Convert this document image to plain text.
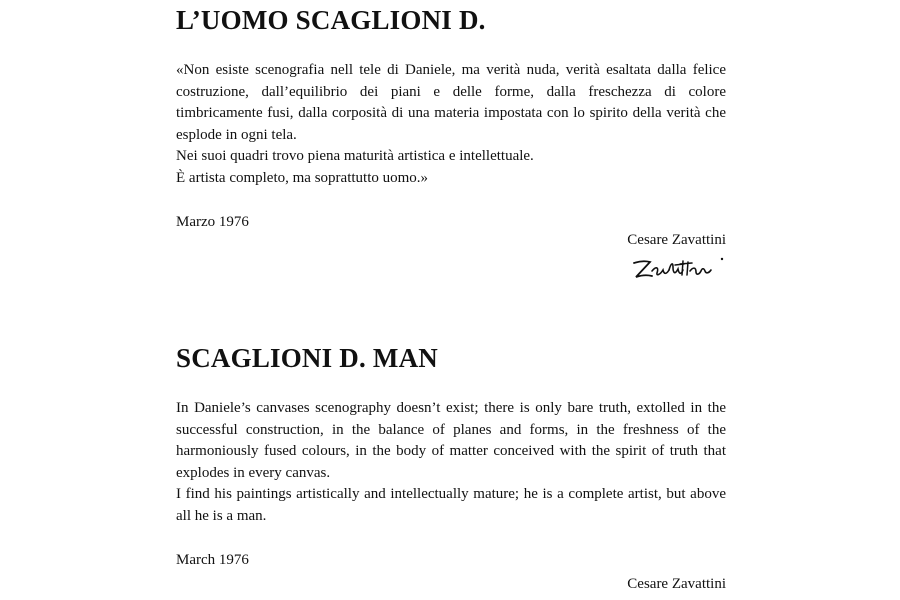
L’UOMO SCAGLIONI D.

«Non esiste scenografia nell tele di Daniele, ma verità nuda, verità esaltata dalla felice costruzione, dall’equilibrio dei piani e delle forme, dalla freschezza di colore timbricamente fusi, dalla corposità di una materia impostata con lo spirito della verità che esplode in ogni tela.

Nei suoi quadri trovo piena maturità artistica e intellettuale.

È artista completo, ma soprattutto uomo.»

Marzo 1976

Cesare Zavattini

SCAGLIONI D. MAN

In Daniele’s canvases scenography doesn’t exist; there is only bare truth, extolled in the successful construction, in the balance of planes and forms, in the freshness of the harmoniously fused colours, in the body of matter conceived with the spirit of truth that explodes in every canvas.

I find his paintings artistically and intellectually mature; he is a complete artist, but above all he is a man.

March 1976

Cesare Zavattini
